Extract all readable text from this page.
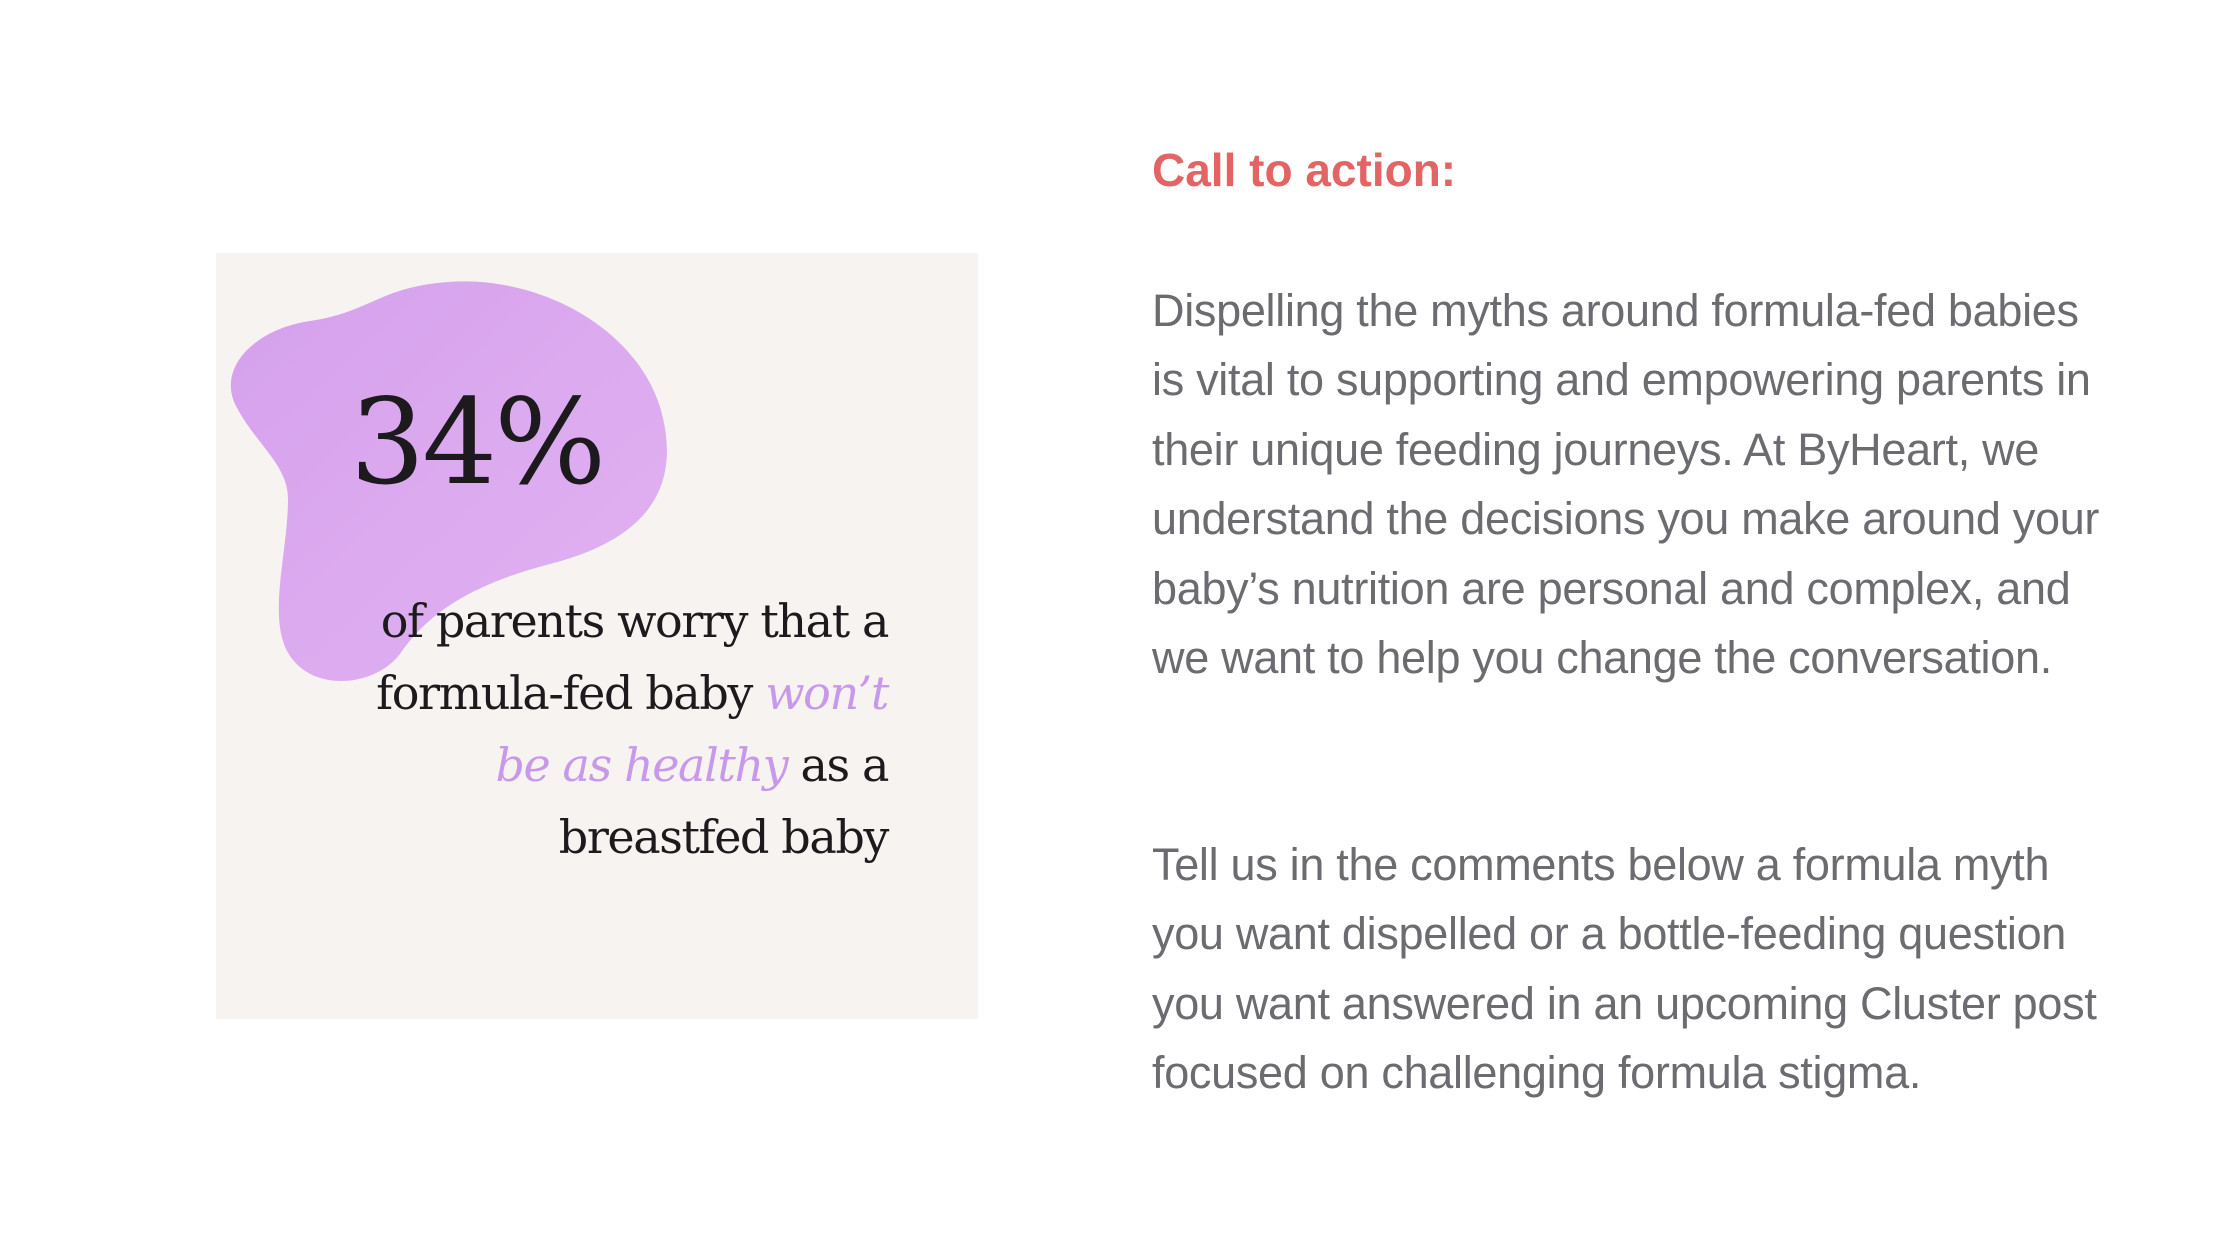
34%

of parents worry that a formula-fed baby won’t be as healthy as a breastfed baby

Call to action:

Dispelling the myths around formula-fed babies is vital to supporting and empowering parents in their unique feeding journeys. At ByHeart, we understand the decisions you make around your baby’s nutrition are personal and complex, and we want to help you change the conversation.

Tell us in the comments below a formula myth you want dispelled or a bottle-feeding question you want answered in an upcoming Cluster post focused on challenging formula stigma.
